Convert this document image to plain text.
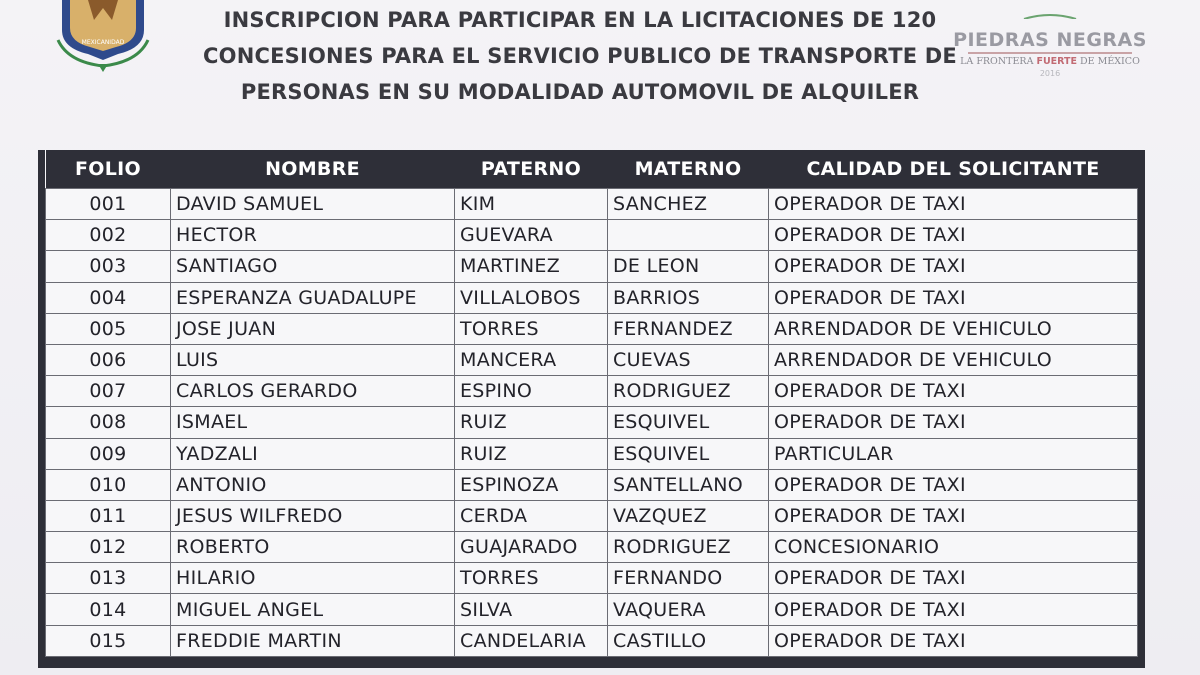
MEXICANIDAD
INSCRIPCION PARA PARTICIPAR EN LA LICITACIONES DE 120
CONCESIONES PARA EL SERVICIO PUBLICO DE TRANSPORTE DE
PERSONAS EN SU MODALIDAD AUTOMOVIL DE ALQUILER
PIEDRAS NEGRAS
LA FRONTERA FUERTE DE MÉXICO
2016
FOLIO	NOMBRE	PATERNO	MATERNO	CALIDAD DEL SOLICITANTE
001	DAVID SAMUEL	KIM	SANCHEZ	OPERADOR DE TAXI
002	HECTOR	GUEVARA		OPERADOR DE TAXI
003	SANTIAGO	MARTINEZ	DE LEON	OPERADOR DE TAXI
004	ESPERANZA GUADALUPE	VILLALOBOS	BARRIOS	OPERADOR DE TAXI
005	JOSE JUAN	TORRES	FERNANDEZ	ARRENDADOR DE VEHICULO
006	LUIS	MANCERA	CUEVAS	ARRENDADOR DE VEHICULO
007	CARLOS GERARDO	ESPINO	RODRIGUEZ	OPERADOR DE TAXI
008	ISMAEL	RUIZ	ESQUIVEL	OPERADOR DE TAXI
009	YADZALI	RUIZ	ESQUIVEL	PARTICULAR
010	ANTONIO	ESPINOZA	SANTELLANO	OPERADOR DE TAXI
011	JESUS WILFREDO	CERDA	VAZQUEZ	OPERADOR DE TAXI
012	ROBERTO	GUAJARADO	RODRIGUEZ	CONCESIONARIO
013	HILARIO	TORRES	FERNANDO	OPERADOR DE TAXI
014	MIGUEL ANGEL	SILVA	VAQUERA	OPERADOR DE TAXI
015	FREDDIE MARTIN	CANDELARIA	CASTILLO	OPERADOR DE TAXI
